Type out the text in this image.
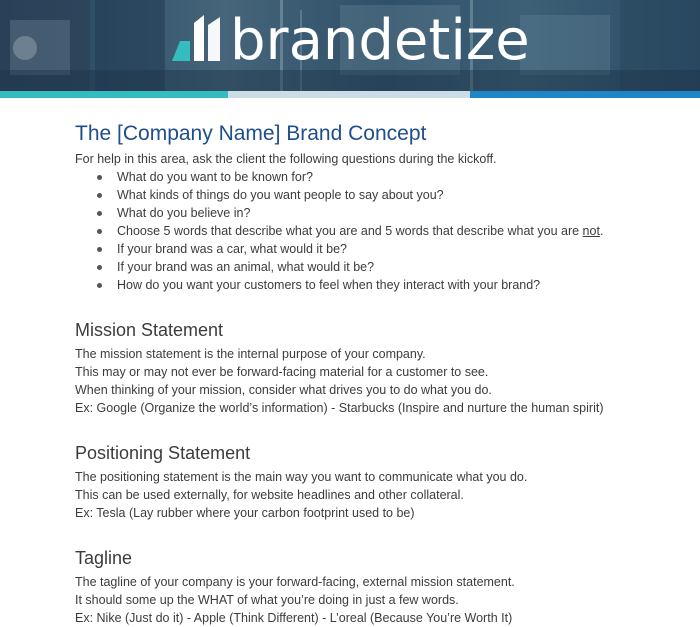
brandetize
The [Company Name] Brand Concept

For help in this area, ask the client the following questions during the kickoff.

What do you want to be known for?
What kinds of things do you want people to say about you?
What do you believe in?
Choose 5 words that describe what you are and 5 words that describe what you are not.
If your brand was a car, what would it be?
If your brand was an animal, what would it be?
How do you want your customers to feel when they interact with your brand?
Mission Statement

The mission statement is the internal purpose of your company.

This may or may not ever be forward-facing material for a customer to see.

When thinking of your mission, consider what drives you to do what you do.

Ex: Google (Organize the world’s information) - Starbucks (Inspire and nurture the human spirit)

Positioning Statement

The positioning statement is the main way you want to communicate what you do.

This can be used externally, for website headlines and other collateral.

Ex: Tesla (Lay rubber where your carbon footprint used to be)

Tagline

The tagline of your company is your forward-facing, external mission statement.

It should some up the WHAT of what you’re doing in just a few words.

Ex: Nike (Just do it) - Apple (Think Different) - L’oreal (Because You’re Worth It)
